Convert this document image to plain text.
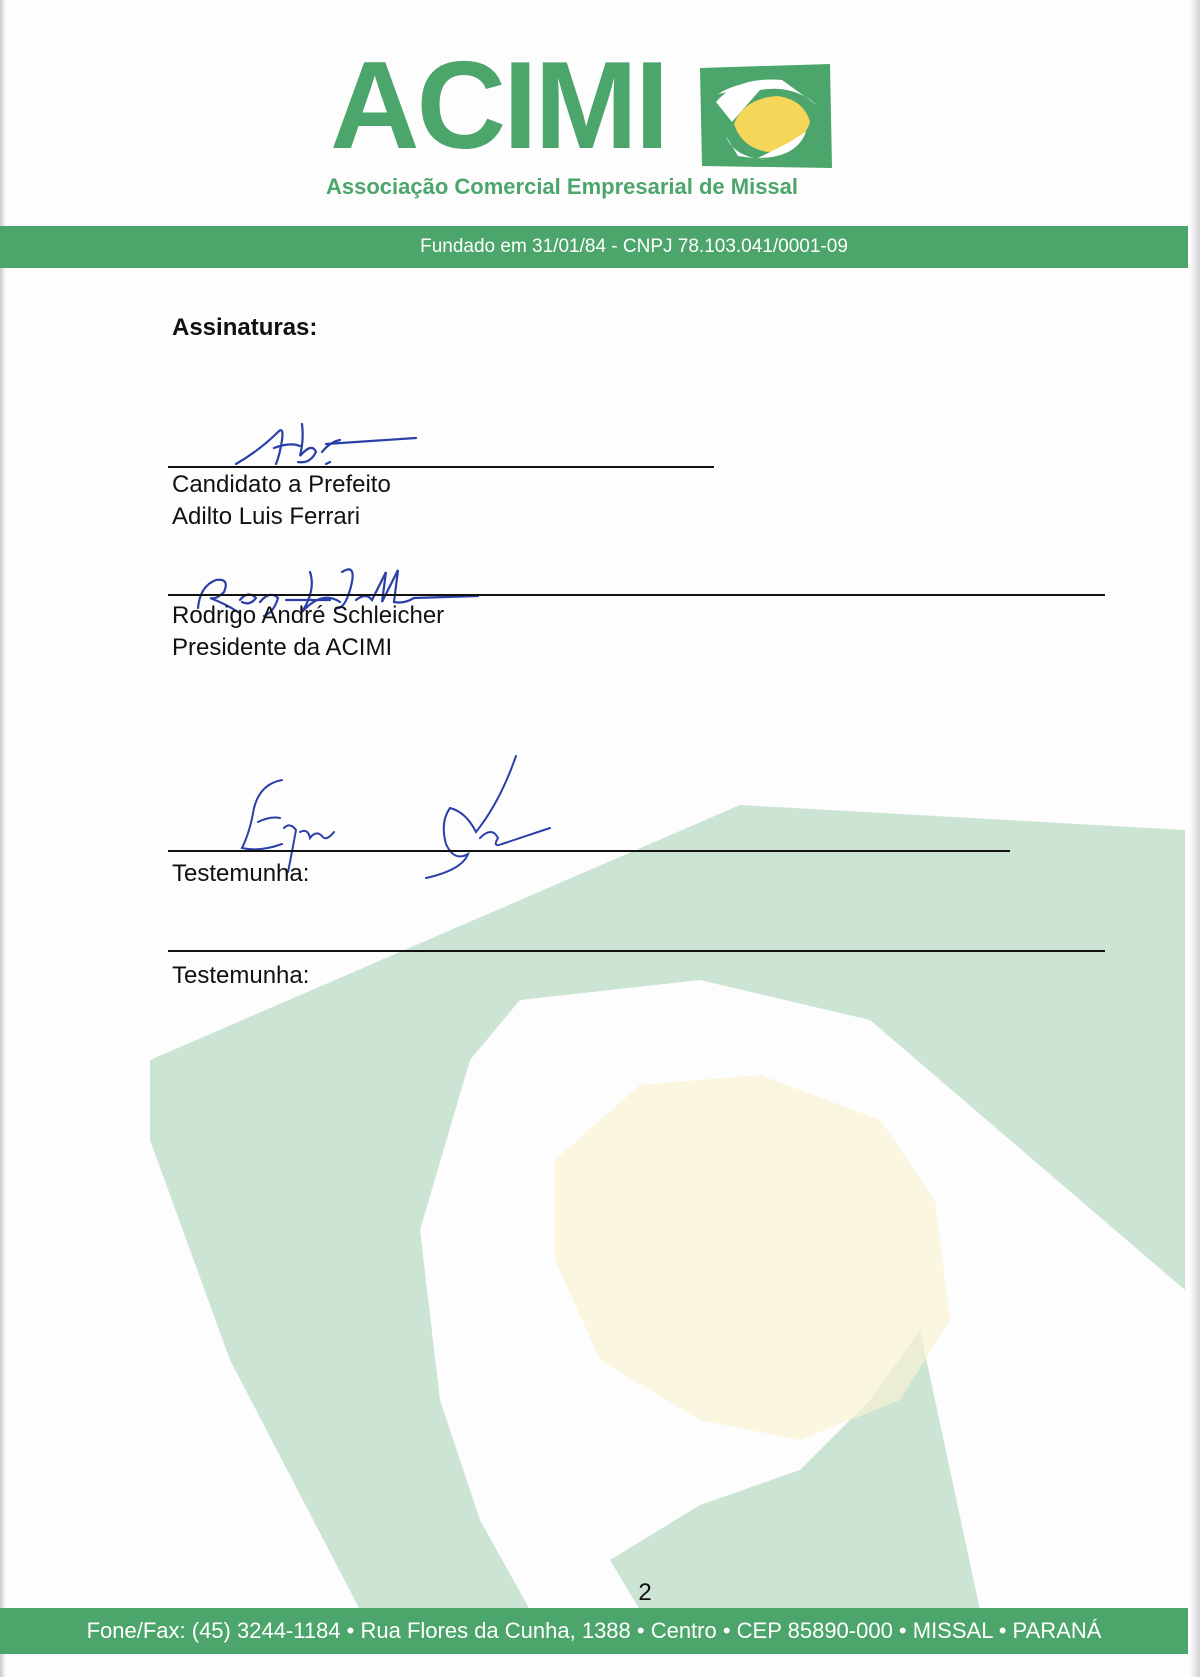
ACIMI
Associação Comercial Empresarial de Missal
Fundado em 31/01/84 - CNPJ 78.103.041/0001-09
Assinaturas:
Candidato a Prefeito
Adilto Luis Ferrari
Rodrigo André Schleicher
Presidente da ACIMI
Testemunha:
Testemunha:
2
Fone/Fax: (45) 3244-1184 • Rua Flores da Cunha, 1388 • Centro • CEP 85890-000 • MISSAL • PARANÁ
